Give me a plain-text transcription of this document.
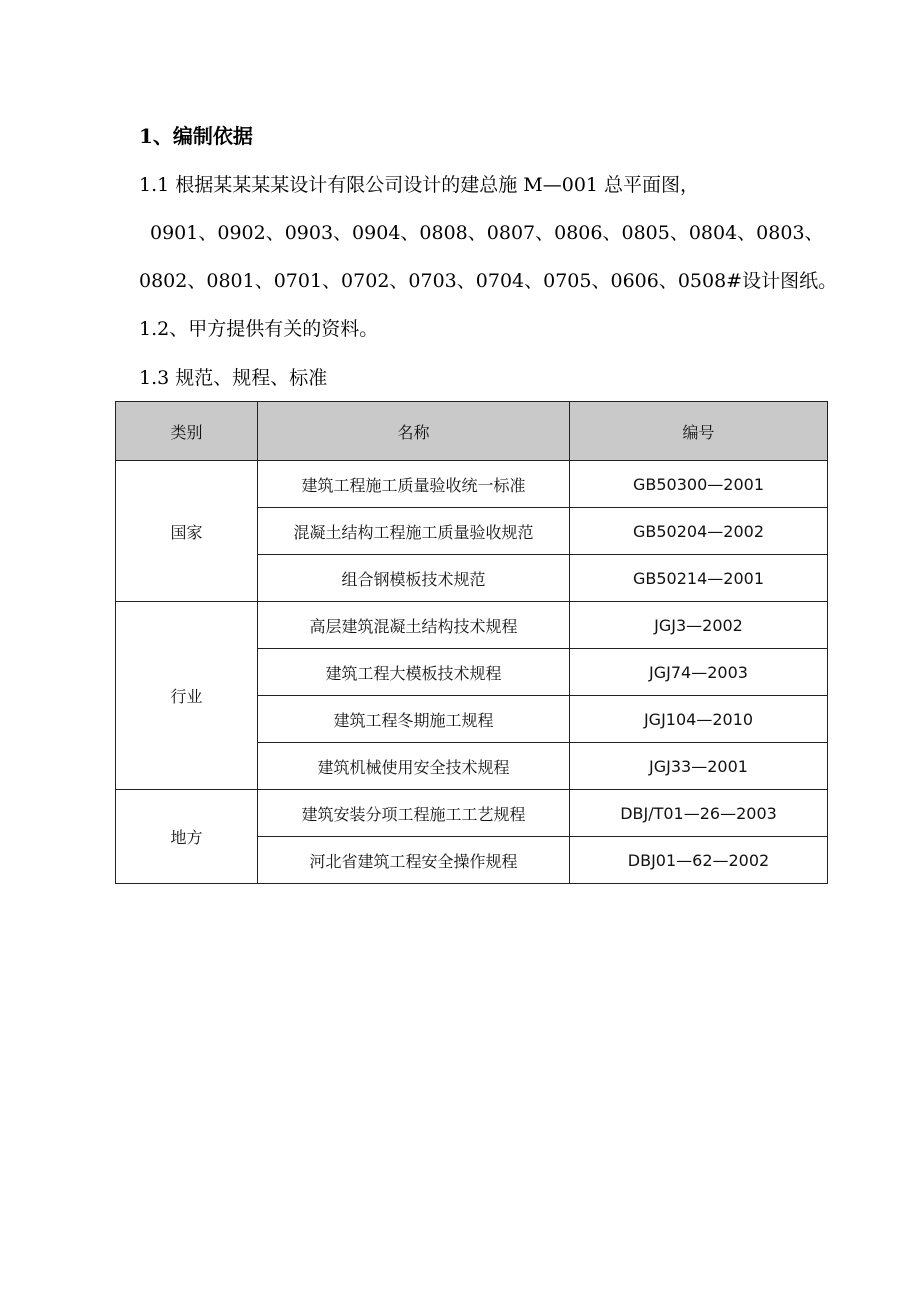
1、编制依据
1.1 根据某某某某设计有限公司设计的建总施 M—001 总平面图，
0901、0902、0903、0904、0808、0807、0806、0805、0804、0803、
0802、0801、0701、0702、0703、0704、0705、0606、0508#设计图纸。
1.2、甲方提供有关的资料。
1.3 规范、规程、标准
类别	名称	编号
国家	建筑工程施工质量验收统一标准	GB50300—2001
	混凝土结构工程施工质量验收规范	GB50204—2002
	组合钢模板技术规范	GB50214—2001
行业	高层建筑混凝土结构技术规程	JGJ3—2002
	建筑工程大模板技术规程	JGJ74—2003
	建筑工程冬期施工规程	JGJ104—2010
	建筑机械使用安全技术规程	JGJ33—2001
地方	建筑安装分项工程施工工艺规程	DBJ/T01—26—2003
	河北省建筑工程安全操作规程	DBJ01—62—2002
